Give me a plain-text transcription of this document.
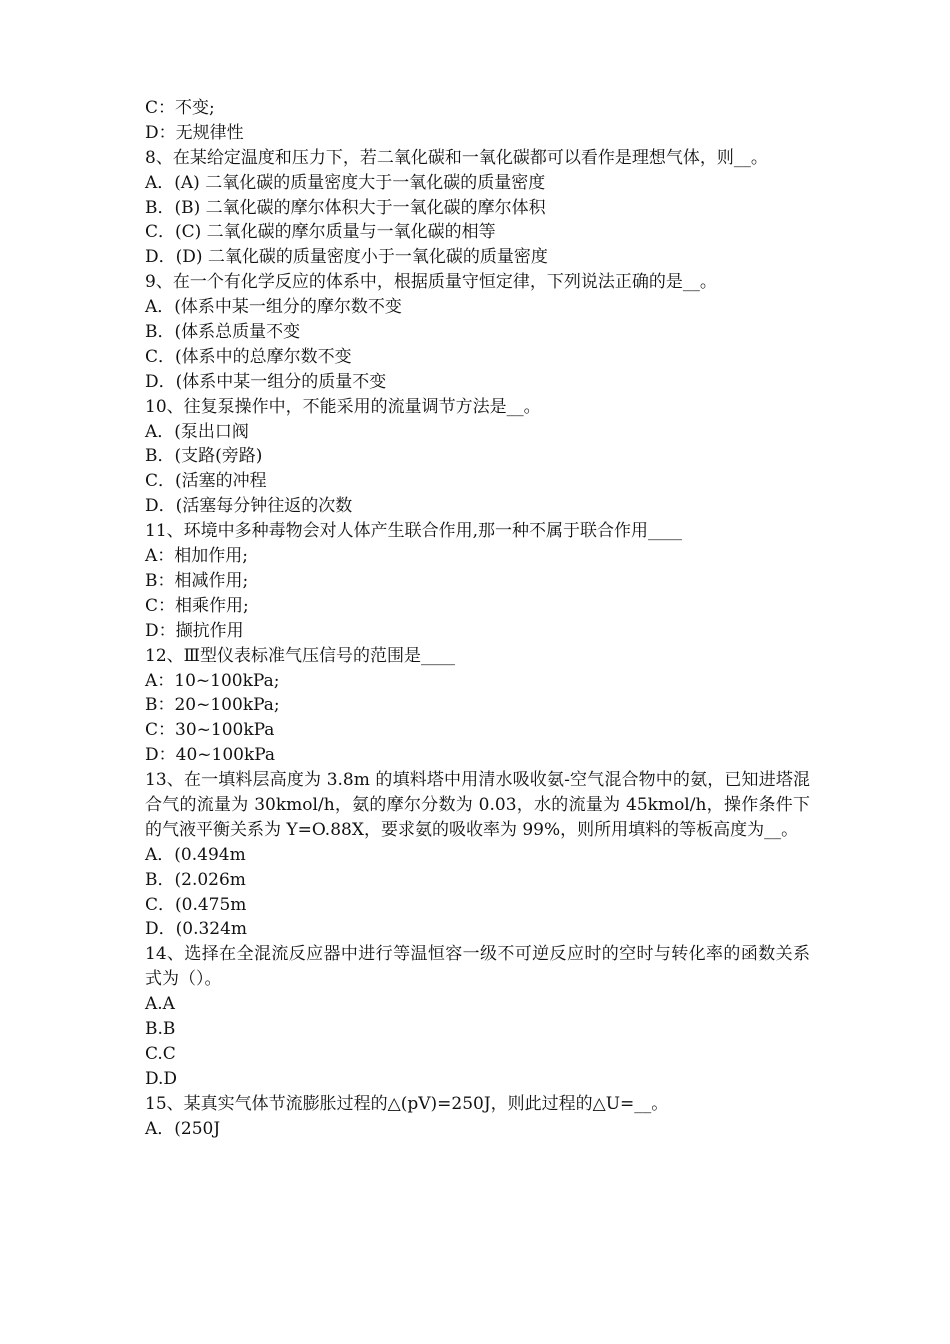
C：不变;
D：无规律性
8、在某给定温度和压力下，若二氧化碳和一氧化碳都可以看作是理想气体，则__。
A．(A) 二氧化碳的质量密度大于一氧化碳的质量密度
B．(B) 二氧化碳的摩尔体积大于一氧化碳的摩尔体积
C．(C) 二氧化碳的摩尔质量与一氧化碳的相等
D．(D) 二氧化碳的质量密度小于一氧化碳的质量密度
9、在一个有化学反应的体系中，根据质量守恒定律，下列说法正确的是__。
A．(体系中某一组分的摩尔数不变
B．(体系总质量不变
C．(体系中的总摩尔数不变
D．(体系中某一组分的质量不变
10、往复泵操作中，不能采用的流量调节方法是__。
A．(泵出口阀
B．(支路(旁路)
C．(活塞的冲程
D．(活塞每分钟往返的次数
11、环境中多种毒物会对人体产生联合作用,那一种不属于联合作用____
A：相加作用;
B：相减作用;
C：相乘作用;
D：撷抗作用
12、Ⅲ型仪表标准气压信号的范围是____
A：10~100kPa;
B：20~100kPa;
C：30~100kPa
D：40~100kPa
13、在一填料层高度为 3.8m 的填料塔中用清水吸收氨-空气混合物中的氨，已知进塔混合气的流量为 30kmol/h，氨的摩尔分数为 0.03，水的流量为 45kmol/h，操作条件下的气液平衡关系为 Y=O.88X，要求氨的吸收率为 99%，则所用填料的等板高度为__。
A．(0.494m
B．(2.026m
C．(0.475m
D．(0.324m
14、选择在全混流反应器中进行等温恒容一级不可逆反应时的空时与转化率的函数关系式为（）。
A.A
B.B
C.C
D.D
15、某真实气体节流膨胀过程的△(pV)=250J，则此过程的△U=__。
A．(250J
